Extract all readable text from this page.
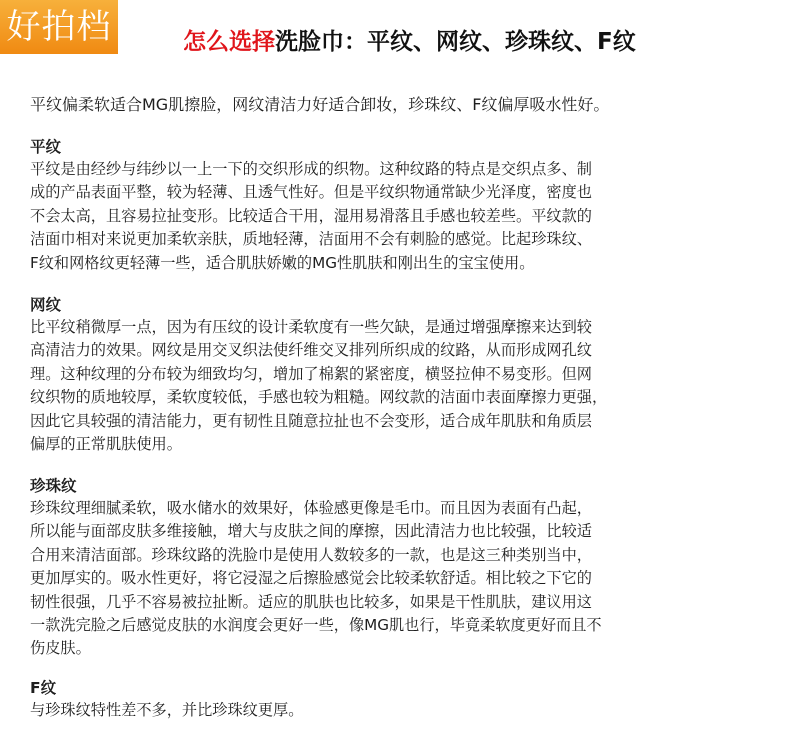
好拍档	怎么选择洗脸巾：平纹、网纹、珍珠纹、F纹
平纹偏柔软适合MG肌擦脸，网纹清洁力好适合卸妆，珍珠纹、F纹偏厚吸水性好。
平纹
平纹是由经纱与纬纱以一上一下的交织形成的织物。这种纹路的特点是交织点多、制
成的产品表面平整，较为轻薄、且透气性好。但是平纹织物通常缺少光泽度，密度也
不会太高，且容易拉扯变形。比较适合干用，湿用易滑落且手感也较差些。平纹款的
洁面巾相对来说更加柔软亲肤，质地轻薄，洁面用不会有刺脸的感觉。比起珍珠纹、
F纹和网格纹更轻薄一些，适合肌肤娇嫩的MG性肌肤和刚出生的宝宝使用。
网纹
比平纹稍微厚一点，因为有压纹的设计柔软度有一些欠缺，是通过增强摩擦来达到较
高清洁力的效果。网纹是用交叉织法使纤维交叉排列所织成的纹路，从而形成网孔纹
理。这种纹理的分布较为细致均匀，增加了棉絮的紧密度，横竖拉伸不易变形。但网
纹织物的质地较厚，柔软度较低，手感也较为粗糙。网纹款的洁面巾表面摩擦力更强，
因此它具较强的清洁能力，更有韧性且随意拉扯也不会变形，适合成年肌肤和角质层
偏厚的正常肌肤使用。
珍珠纹
珍珠纹理细腻柔软，吸水储水的效果好，体验感更像是毛巾。而且因为表面有凸起，
所以能与面部皮肤多维接触，增大与皮肤之间的摩擦，因此清洁力也比较强，比较适
合用来清洁面部。珍珠纹路的洗脸巾是使用人数较多的一款，也是这三种类别当中，
更加厚实的。吸水性更好，将它浸湿之后擦脸感觉会比较柔软舒适。相比较之下它的
韧性很强，几乎不容易被拉扯断。适应的肌肤也比较多，如果是干性肌肤，建议用这
一款洗完脸之后感觉皮肤的水润度会更好一些，像MG肌也行，毕竟柔软度更好而且不
伤皮肤。
F纹
与珍珠纹特性差不多，并比珍珠纹更厚。
